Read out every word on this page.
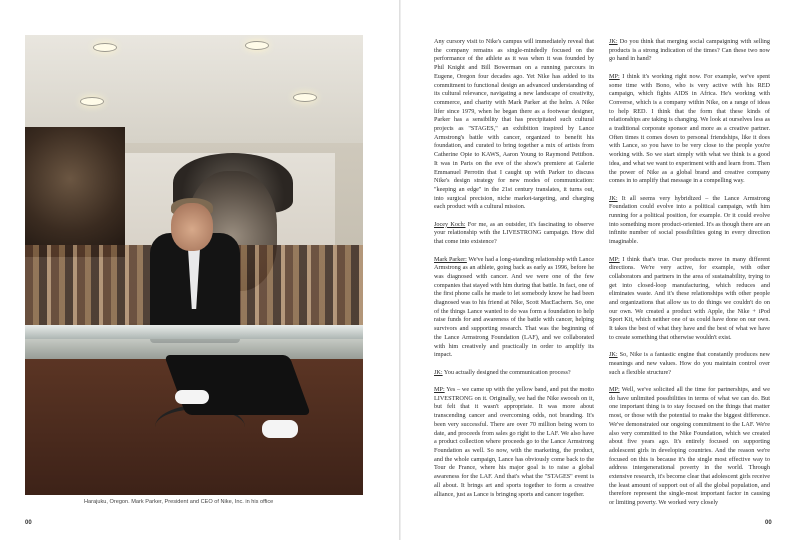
Harajuku, Oregon. Mark Parker, President and CEO of Nike, Inc. in his office
00	00

Any cursory visit to Nike's campus will immediately reveal that the company remains as single-mindedly focused on the performance of the athlete as it was when it was founded by Phil Knight and Bill Bowerman on a running parcours in Eugene, Oregon four decades ago. Yet Nike has added to its commitment to functional design an advanced understanding of its cultural relevance, navigating a new landscape of creativity, commerce, and charity with Mark Parker at the helm. A Nike lifer since 1979, when he began there as a footwear designer, Parker has a sensibility that has precipitated such cultural projects as "STAGES," an exhibition inspired by Lance Armstrong's battle with cancer, organized to benefit his foundation, and curated to bring together a mix of artists from Catherine Opie to KAWS, Aaron Young to Raymond Pettibon. It was in Paris on the eve of the show's premiere at Galerie Emmanuel Perrotin that I caught up with Parker to discuss Nike's design strategy for new modes of communication: "keeping an edge" in the 21st century translates, it turns out, into surgical precision, niche market-targeting, and charging each product with a cultural mission.

Jocey Koch: For me, as an outsider, it's fascinating to observe your relationship with the LIVESTRONG campaign. How did that come into existence?

Mark Parker: We've had a long-standing relationship with Lance Armstrong as an athlete, going back as early as 1996, before he was diagnosed with cancer. And we were one of the few companies that stayed with him during that battle. In fact, one of the first phone calls he made to let somebody know he had been diagnosed was to his friend at Nike, Scott MacEachern. So, one of the things Lance wanted to do was form a foundation to help raise funds for and awareness of the battle with cancer, helping survivors and supporting research. That was the beginning of the Lance Armstrong Foundation (LAF), and we collaborated with him creatively and practically in order to amplify its impact.

JK: You actually designed the communication process?

MP: Yes – we came up with the yellow band, and put the motto LIVESTRONG on it. Originally, we had the Nike swoosh on it, but felt that it wasn't appropriate. It was more about transcending cancer and overcoming odds, not branding. It's been very successful. There are over 70 million being worn to date, and proceeds from sales go right to the LAF. We also have a product collection where proceeds go to the Lance Armstrong Foundation as well. So now, with the marketing, the product, and the whole campaign, Lance has obviously come back to the Tour de France, where his major goal is to raise a global awareness for the LAF. And that's what the "STAGES" event is all about. It brings art and sports together to form a creative alliance, just as Lance is bringing sports and cancer together.

JK: Do you think that merging social campaigning with selling products is a strong indication of the times? Can these two now go hand in hand?

MP: I think it's working right now. For example, we've spent some time with Bono, who is very active with his RED campaign, which fights AIDS in Africa. He's working with Converse, which is a company within Nike, on a range of ideas to help RED. I think that the form that these kinds of relationships are taking is changing. We look at ourselves less as a traditional corporate sponsor and more as a creative partner. Often times it comes down to personal friendships, like it does with Lance, so you have to be very close to the people you're working with. So we start simply with what we think is a good idea, and what we want to experiment with and learn from. Then the power of Nike as a global brand and creative company comes in to amplify that message in a compelling way.

JK: It all seems very hybridized – the Lance Armstrong Foundation could evolve into a political campaign, with him running for a political position, for example. Or it could evolve into something more product-oriented. It's as though there are an infinite number of social possibilities going in every direction imaginable.

MP: I think that's true. Our products move in many different directions. We're very active, for example, with other collaborators and partners in the area of sustainability, trying to get into closed-loop manufacturing, which reduces and eliminates waste. And it's these relationships with other people and organizations that allow us to do things we couldn't do on our own. We created a product with Apple, the Nike + iPod Sport Kit, which neither one of us could have done on our own. It takes the best of what they have and the best of what we have to create something that otherwise wouldn't exist.

JK: So, Nike is a fantastic engine that constantly produces new meanings and new values. How do you maintain control over such a flexible structure?

MP: Well, we've solicited all the time for partnerships, and we do have unlimited possibilities in terms of what we can do. But one important thing is to stay focused on the things that matter most, or those with the potential to make the biggest difference. We've demonstrated our ongoing commitment to the LAF. We're also very committed to the Nike Foundation, which we created about five years ago. It's entirely focused on supporting adolescent girls in developing countries. And the reason we're focused on this is because it's the single most effective way to address intergenerational poverty in the world. Through extensive research, it's become clear that adolescent girls receive the least amount of support out of all the global population, and therefore represent the single-most important factor in causing or limiting poverty. We worked very closely
